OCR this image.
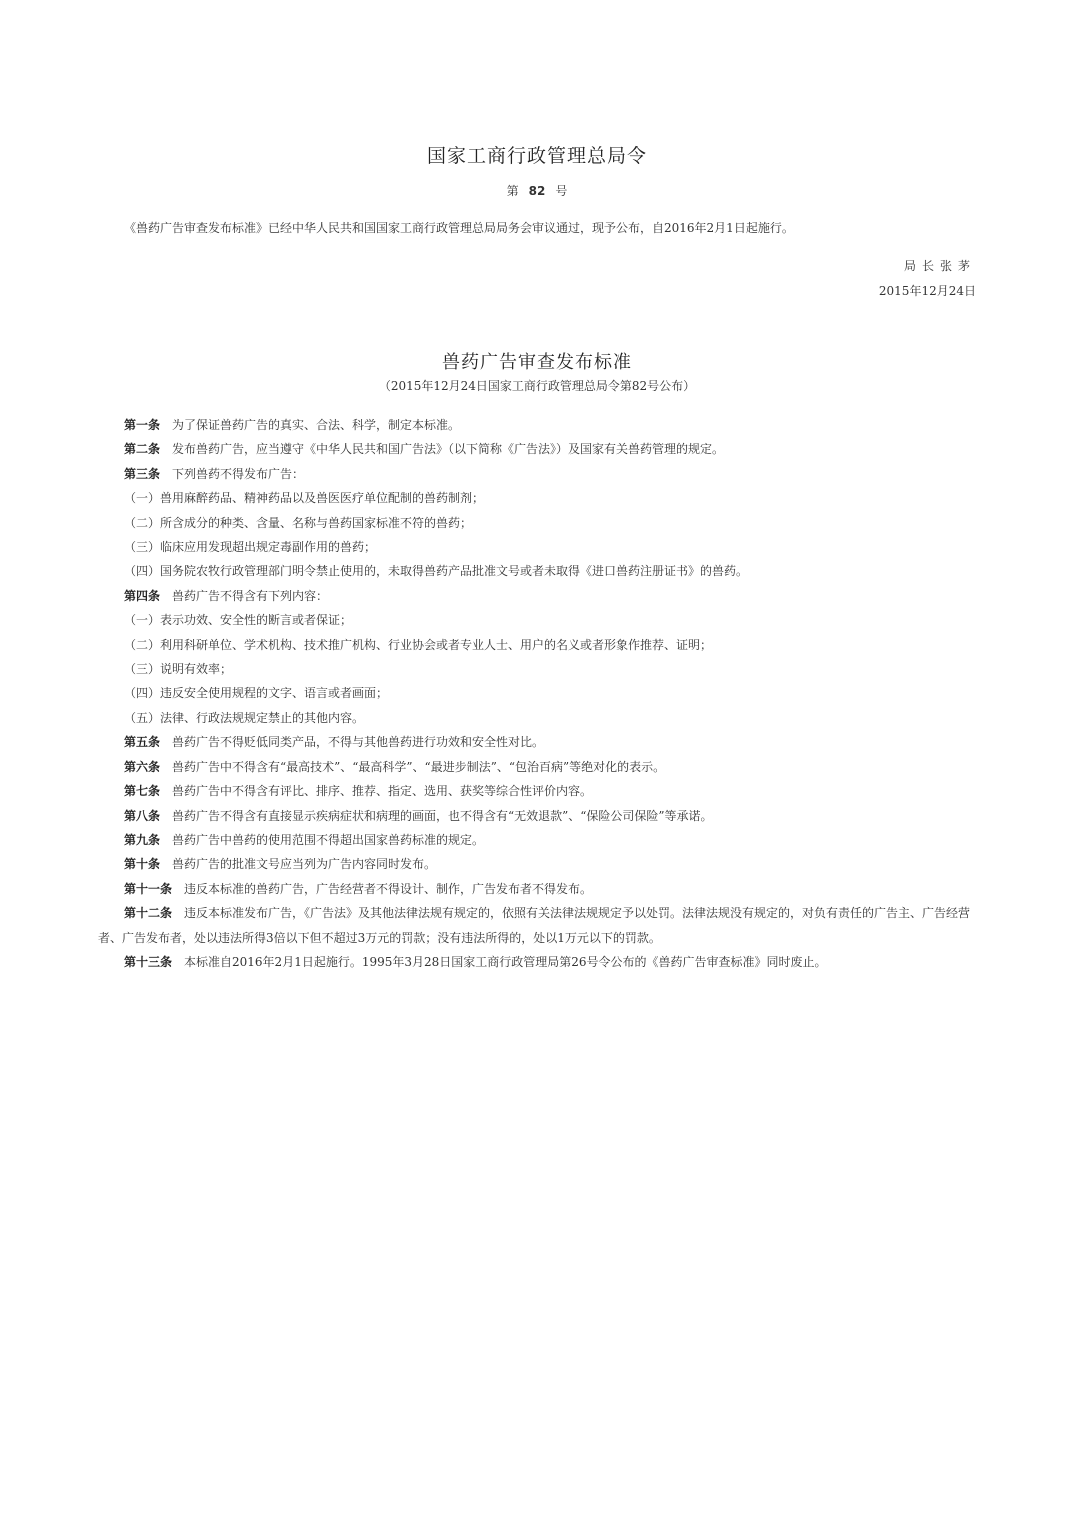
国家工商行政管理总局令
第 82 号
《兽药广告审查发布标准》已经中华人民共和国国家工商行政管理总局局务会审议通过，现予公布，自2016年2月1日起施行。
局长张茅
2015年12月24日
兽药广告审查发布标准
（2015年12月24日国家工商行政管理总局令第82号公布）

第一条 为了保证兽药广告的真实、合法、科学，制定本标准。

第二条 发布兽药广告，应当遵守《中华人民共和国广告法》（以下简称《广告法》）及国家有关兽药管理的规定。

第三条 下列兽药不得发布广告：

（一）兽用麻醉药品、精神药品以及兽医医疗单位配制的兽药制剂；

（二）所含成分的种类、含量、名称与兽药国家标准不符的兽药；

（三）临床应用发现超出规定毒副作用的兽药；

（四）国务院农牧行政管理部门明令禁止使用的，未取得兽药产品批准文号或者未取得《进口兽药注册证书》的兽药。

第四条 兽药广告不得含有下列内容：

（一）表示功效、安全性的断言或者保证；

（二）利用科研单位、学术机构、技术推广机构、行业协会或者专业人士、用户的名义或者形象作推荐、证明；

（三）说明有效率；

（四）违反安全使用规程的文字、语言或者画面；

（五）法律、行政法规规定禁止的其他内容。

第五条 兽药广告不得贬低同类产品，不得与其他兽药进行功效和安全性对比。

第六条 兽药广告中不得含有“最高技术”、“最高科学”、“最进步制法”、“包治百病”等绝对化的表示。

第七条 兽药广告中不得含有评比、排序、推荐、指定、选用、获奖等综合性评价内容。

第八条 兽药广告不得含有直接显示疾病症状和病理的画面，也不得含有“无效退款”、“保险公司保险”等承诺。

第九条 兽药广告中兽药的使用范围不得超出国家兽药标准的规定。

第十条 兽药广告的批准文号应当列为广告内容同时发布。

第十一条 违反本标准的兽药广告，广告经营者不得设计、制作，广告发布者不得发布。

第十二条 违反本标准发布广告，《广告法》及其他法律法规有规定的，依照有关法律法规规定予以处罚。法律法规没有规定的，对负有责任的广告主、广告经营者、广告发布者，处以违法所得3倍以下但不超过3万元的罚款；没有违法所得的，处以1万元以下的罚款。

第十三条 本标准自2016年2月1日起施行。1995年3月28日国家工商行政管理局第26号令公布的《兽药广告审查标准》同时废止。
